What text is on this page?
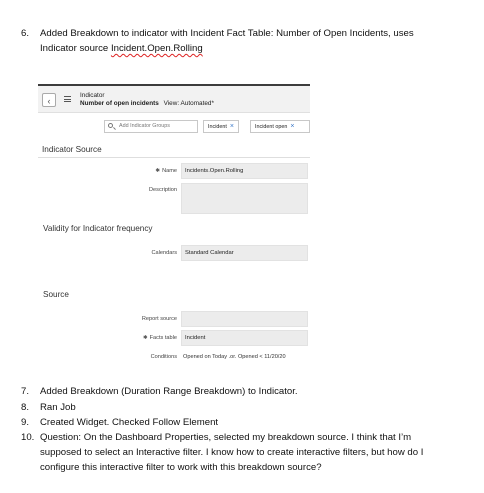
6. Added Breakdown to indicator with Incident Fact Table: Number of Open Incidents, uses
Indicator source Incident.Open.Rolling
‹
Indicator
Number of open incidents View: Automated*
Add Indicator Groups	Incident ×	Incident open ×
Indicator Source
✱ Name	Incidents.Open.Rolling
Description
Validity for Indicator frequency
Calendars	Standard Calendar
Source
Report source
✱ Facts table	Incident
Conditions Opened on Today .or. Opened < 11/20/20
7. Added Breakdown (Duration Range Breakdown) to Indicator.
8. Ran Job
9. Created Widget. Checked Follow Element
10. Question: On the Dashboard Properties, selected my breakdown source. I think that I’m
supposed to select an Interactive filter. I know how to create interactive filters, but how do I
configure this interactive filter to work with this breakdown source?
